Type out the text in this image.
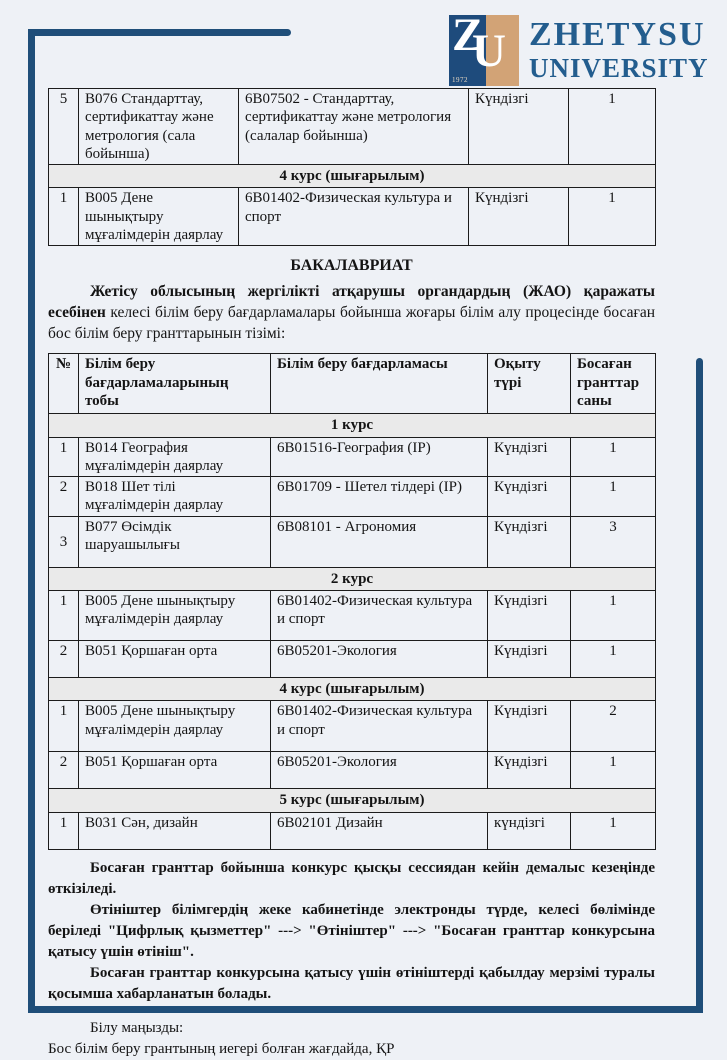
Z
U
1972
ZHETYSU
UNIVERSITY
5	B076 Стандарттау, сертификаттау және метрология (сала бойынша)	6B07502 - Стандарттау, сертификаттау және метрология (салалар бойынша)	Күндізгі	1
4 курс (шығарылым)				
1	B005 Дене шынықтыру мұғалімдерін даярлау	6B01402-Физическая культура и спорт	Күндізгі	1
БАКАЛАВРИАТ

Жетісу облысының жергілікті атқарушы органдардың (ЖАО) қаражаты есебінен келесі білім беру бағдарламалары бойынша жоғары білім алу процесінде босаған бос білім беру гранттарынын тізімі:

№	Білім беру бағдарламаларының тобы	Білім беру бағдарламасы	Оқыту түрі	Босаған гранттар саны
1 курс				
1	B014 География мұғалімдерін даярлау	6B01516-География (IP)	Күндізгі	1
2	B018 Шет тілі мұғалімдерін даярлау	6B01709 - Шетел тілдері (IP)	Күндізгі	1
3	B077 Өсімдік шаруашылығы	6B08101 - Агрономия	Күндізгі	3
2 курс				
1	B005 Дене шынықтыру мұғалімдерін даярлау	6B01402-Физическая культура и спорт	Күндізгі	1
2	B051 Қоршаған орта	6B05201-Экология	Күндізгі	1
4 курс (шығарылым)				
1	B005 Дене шынықтыру мұғалімдерін даярлау	6B01402-Физическая культура и спорт	Күндізгі	2
2	B051 Қоршаған орта	6B05201-Экология	Күндізгі	1
5 курс (шығарылым)				
1	B031 Сән, дизайн	6B02101 Дизайн	күндізгі	1

Босаған гранттар бойынша конкурс қысқы сессиядан кейін демалыс кезеңінде өткізіледі.

Өтініштер білімгердің жеке кабинетінде электронды түрде, келесі бөлімінде беріледі "Цифрлық қызметтер" ---> "Өтініштер" ---> "Босаған гранттар конкурсына қатысу үшін өтініш".

Босаған гранттар конкурсына қатысу үшін өтініштерді қабылдау мерзімі туралы қосымша хабарланатын болады.

Білу маңызды:

Бос білім беру грантының иегері болған жағдайда, ҚР
